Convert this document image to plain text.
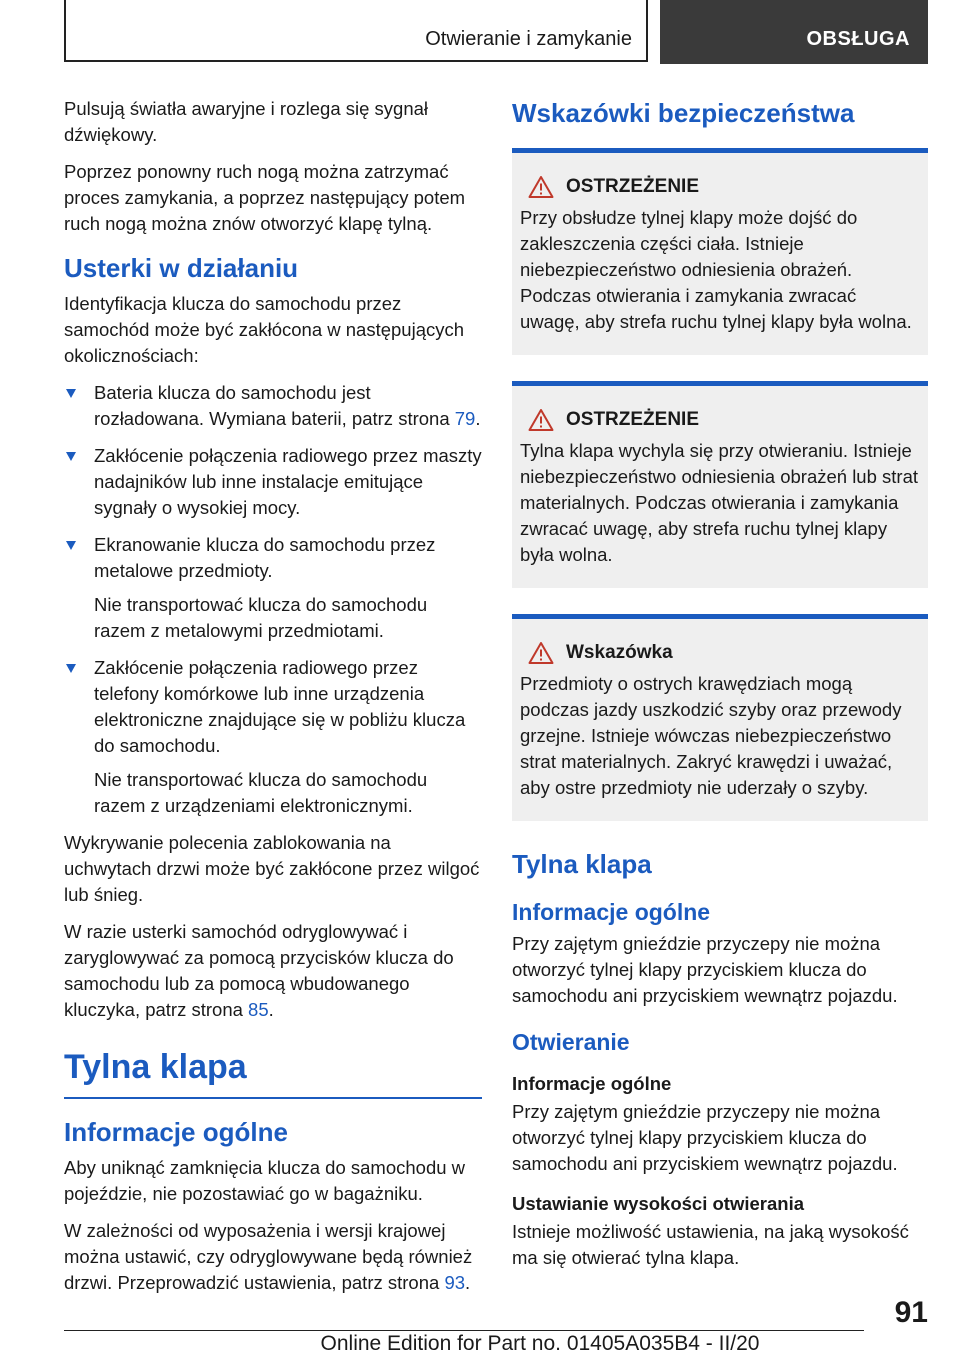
Otwieranie i zamykanie	OBSŁUGA

Pulsują światła awaryjne i rozlega się sygnał dźwiękowy.

Poprzez ponowny ruch nogą można zatrzymać proces zamykania, a poprzez następujący potem ruch nogą można znów otworzyć klapę tylną.

Usterki w działaniu

Identyfikacja klucza do samochodu przez samochód może być zakłócona w następujących okolicznościach:

Bateria klucza do samochodu jest rozładowana. Wymiana baterii, patrz strona 79.

Zakłócenie połączenia radiowego przez maszty nadajników lub inne instalacje emitujące sygnały o wysokiej mocy.

Ekranowanie klucza do samochodu przez metalowe przedmioty.

Nie transportować klucza do samochodu razem z metalowymi przedmiotami.

Zakłócenie połączenia radiowego przez telefony komórkowe lub inne urządzenia elektroniczne znajdujące się w pobliżu klucza do samochodu.

Nie transportować klucza do samochodu razem z urządzeniami elektronicznymi.

Wykrywanie polecenia zablokowania na uchwytach drzwi może być zakłócone przez wilgoć lub śnieg.

W razie usterki samochód odryglowywać i zaryglowywać za pomocą przycisków klucza do samochodu lub za pomocą wbudowanego kluczyka, patrz strona 85.

Tylna klapa
Informacje ogólne

Aby uniknąć zamknięcia klucza do samochodu w pojeździe, nie pozostawiać go w bagażniku.

W zależności od wyposażenia i wersji krajowej można ustawić, czy odryglowywane będą również drzwi. Przeprowadzić ustawienia, patrz strona 93.

Wskazówki bezpieczeństwa
OSTRZEŻENIE

Przy obsłudze tylnej klapy może dojść do zakleszczenia części ciała. Istnieje niebezpieczeństwo odniesienia obrażeń. Podczas otwierania i zamykania zwracać uwagę, aby strefa ruchu tylnej klapy była wolna.

OSTRZEŻENIE

Tylna klapa wychyla się przy otwieraniu. Istnieje niebezpieczeństwo odniesienia obrażeń lub strat materialnych. Podczas otwierania i zamykania zwracać uwagę, aby strefa ruchu tylnej klapy była wolna.

Wskazówka

Przedmioty o ostrych krawędziach mogą podczas jazdy uszkodzić szyby oraz przewody grzejne. Istnieje wówczas niebezpieczeństwo strat materialnych. Zakryć krawędzi i uważać, aby ostre przedmioty nie uderzały o szyby.

Tylna klapa
Informacje ogólne

Przy zajętym gnieździe przyczepy nie można otworzyć tylnej klapy przyciskiem klucza do samochodu ani przyciskiem wewnątrz pojazdu.

Otwieranie
Informacje ogólne

Przy zajętym gnieździe przyczepy nie można otworzyć tylnej klapy przyciskiem klucza do samochodu ani przyciskiem wewnątrz pojazdu.

Ustawianie wysokości otwierania

Istnieje możliwość ustawienia, na jaką wysokość ma się otwierać tylna klapa.

91
Online Edition for Part no. 01405A035B4 - II/20
